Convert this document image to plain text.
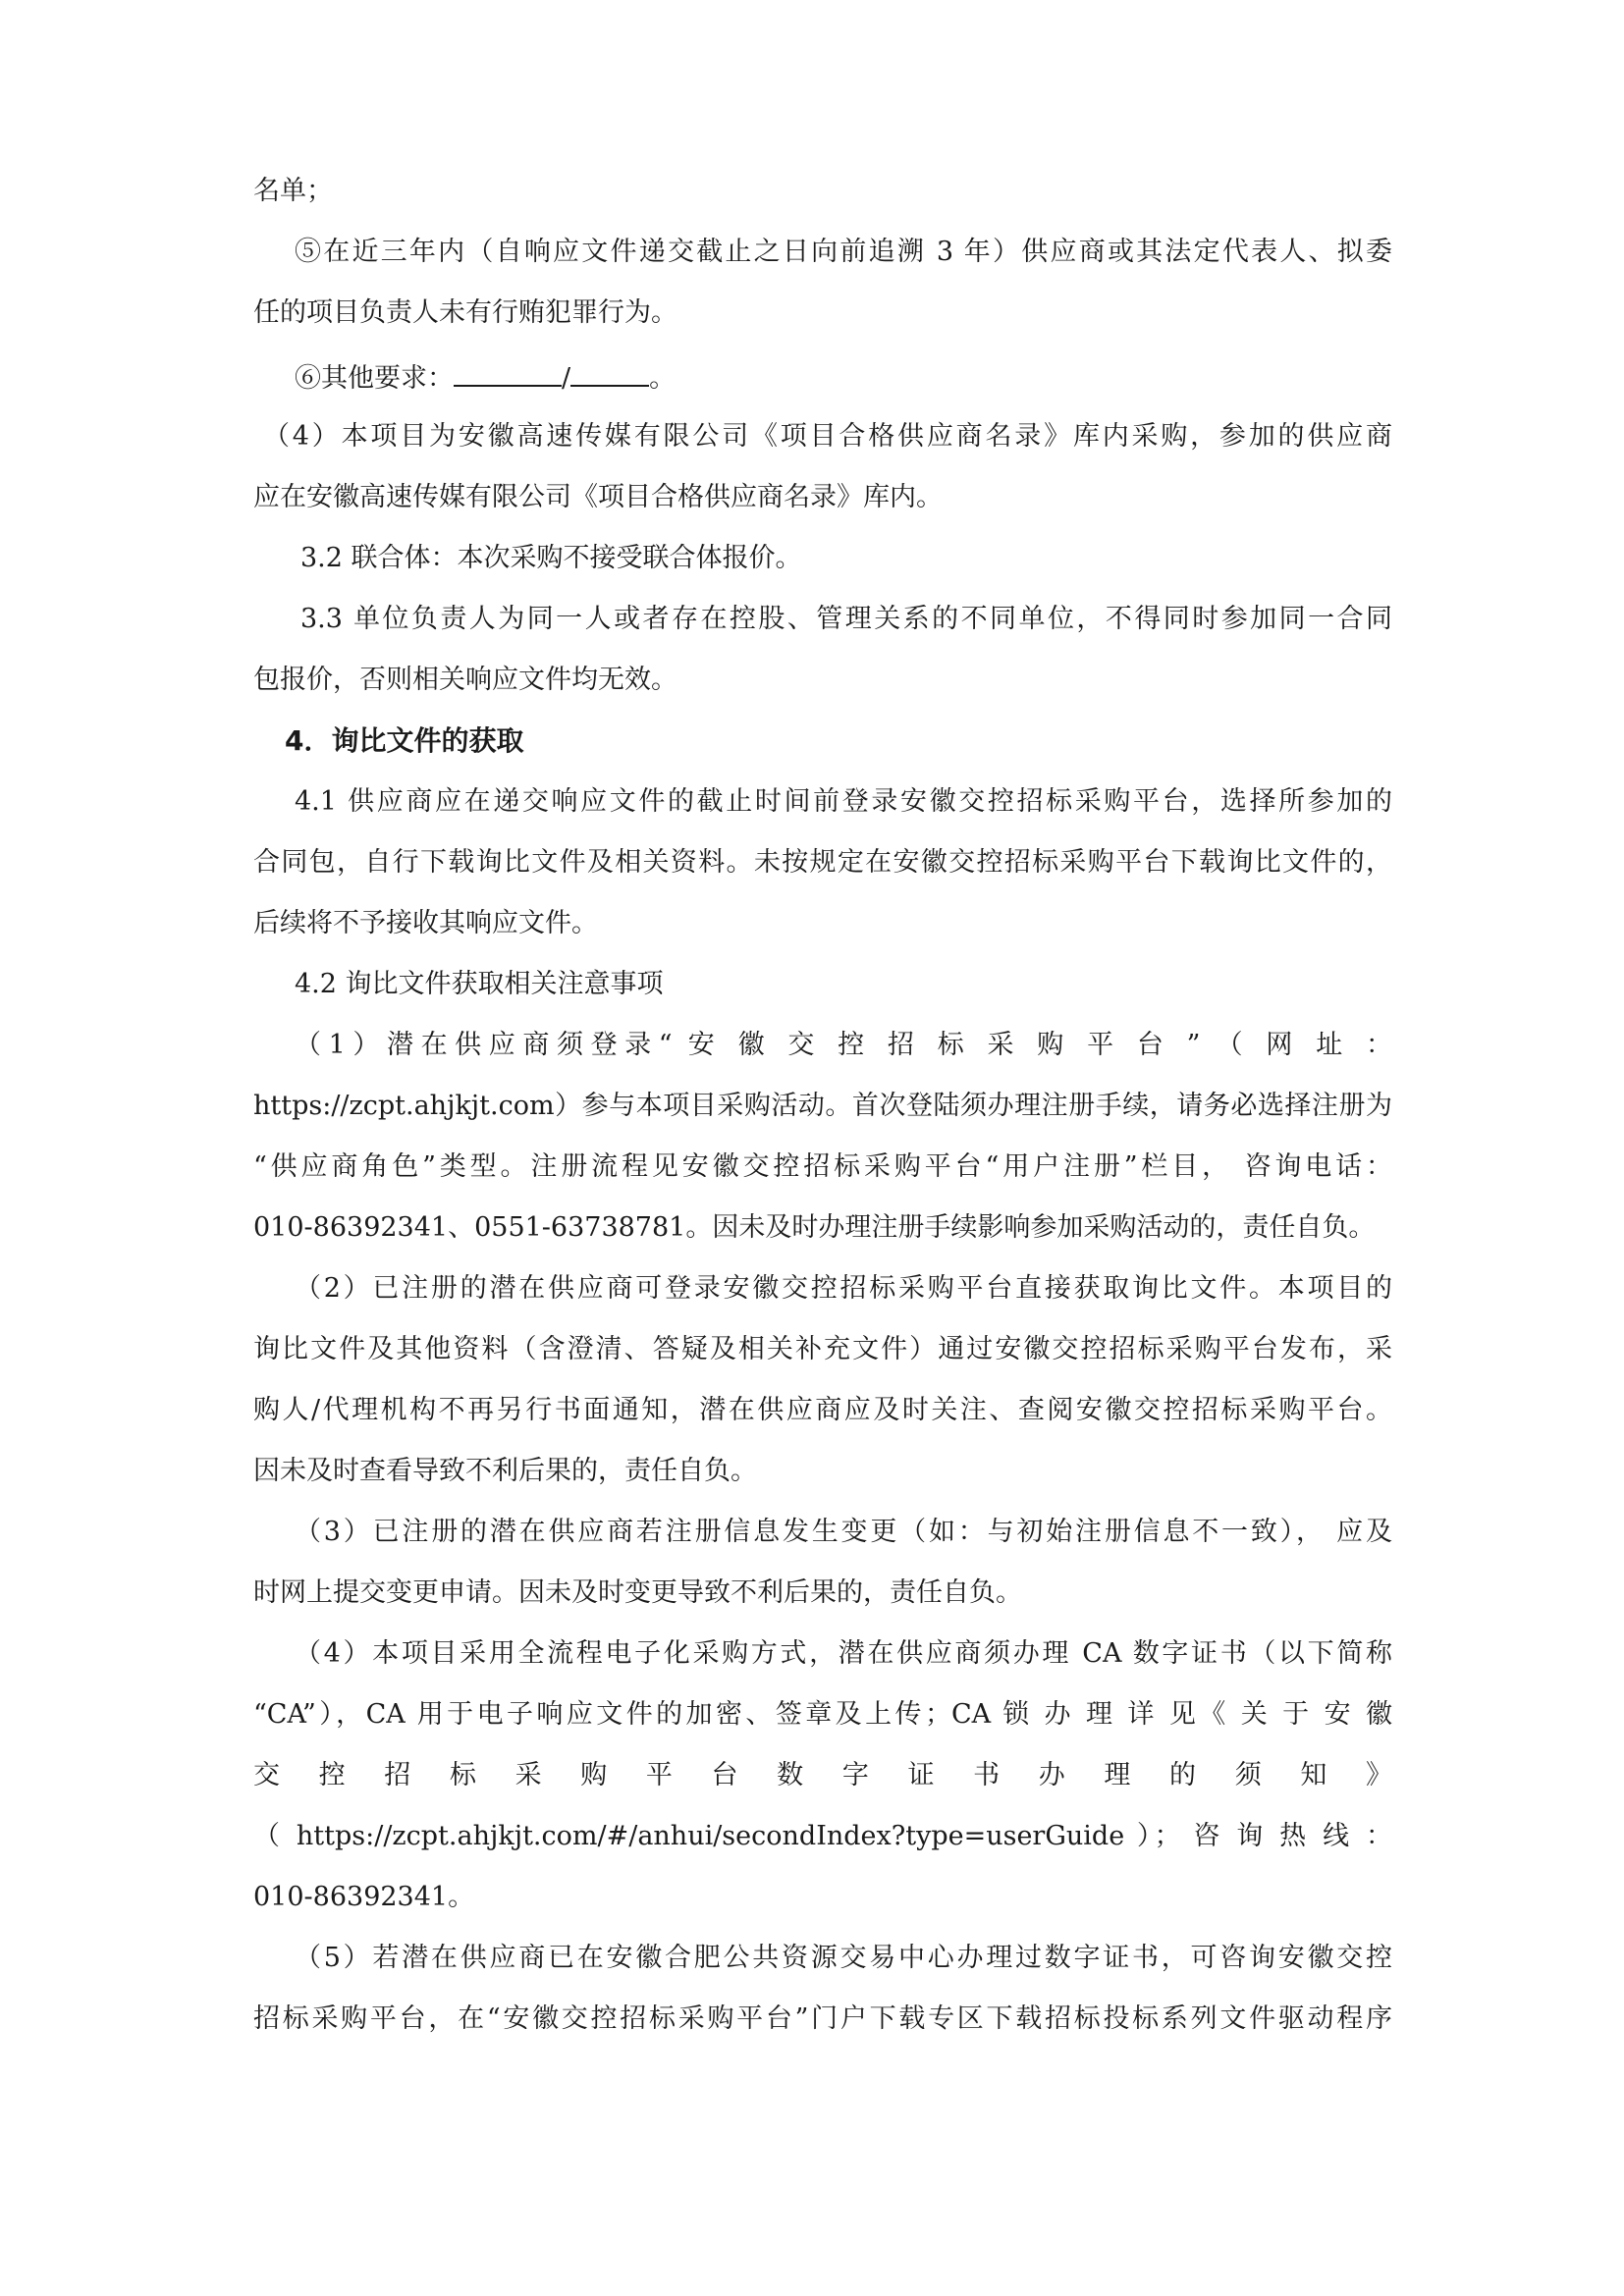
名单；
⑤在近三年内（自响应文件递交截止之日向前追溯 3 年）供应商或其法定代表人、拟委
任的项目负责人未有行贿犯罪行为。
⑥其他要求：	/	。
（4）本项目为安徽高速传媒有限公司《项目合格供应商名录》库内采购，参加的供应商
应在安徽高速传媒有限公司《项目合格供应商名录》库内。
3.2 联合体：本次采购不接受联合体报价。
3.3 单位负责人为同一人或者存在控股、管理关系的不同单位，不得同时参加同一合同
包报价，否则相关响应文件均无效。
4．询比文件的获取
4.1 供应商应在递交响应文件的截止时间前登录安徽交控招标采购平台，选择所参加的
合同包，自行下载询比文件及相关资料。未按规定在安徽交控招标采购平台下载询比文件的，
后续将不予接收其响应文件。
4.2 询比文件获取相关注意事项
（1）潜在供应商须登录“ 安 徽 交 控 招 标 采 购 平 台 ” （ 网 址 ：
https://zcpt.ahjkjt.com）参与本项目采购活动。首次登陆须办理注册手续，请务必选择注册为
“供应商角色”类型。注册流程见安徽交控招标采购平台“用户注册”栏目， 咨询电话：
010-86392341、0551-63738781。因未及时办理注册手续影响参加采购活动的，责任自负。
（2）已注册的潜在供应商可登录安徽交控招标采购平台直接获取询比文件。本项目的
询比文件及其他资料（含澄清、答疑及相关补充文件）通过安徽交控招标采购平台发布，采
购人/代理机构不再另行书面通知，潜在供应商应及时关注、查阅安徽交控招标采购平台。
因未及时查看导致不利后果的，责任自负。
（3）已注册的潜在供应商若注册信息发生变更（如：与初始注册信息不一致）， 应及
时网上提交变更申请。因未及时变更导致不利后果的，责任自负。
（4）本项目采用全流程电子化采购方式，潜在供应商须办理 CA 数字证书（以下简称
“CA”），CA 用于电子响应文件的加密、签章及上传；CA 锁 办 理 详 见《 关 于 安 徽
交 控 招 标 采 购 平 台 数 字 证 书 办 理 的 须 知 》
（ https://zcpt.ahjkjt.com/#/anhui/secondIndex?type=userGuide ）； 咨 询 热 线 ：
010-86392341。
（5）若潜在供应商已在安徽合肥公共资源交易中心办理过数字证书，可咨询安徽交控
招标采购平台，在“安徽交控招标采购平台”门户下载专区下载招标投标系列文件驱动程序
